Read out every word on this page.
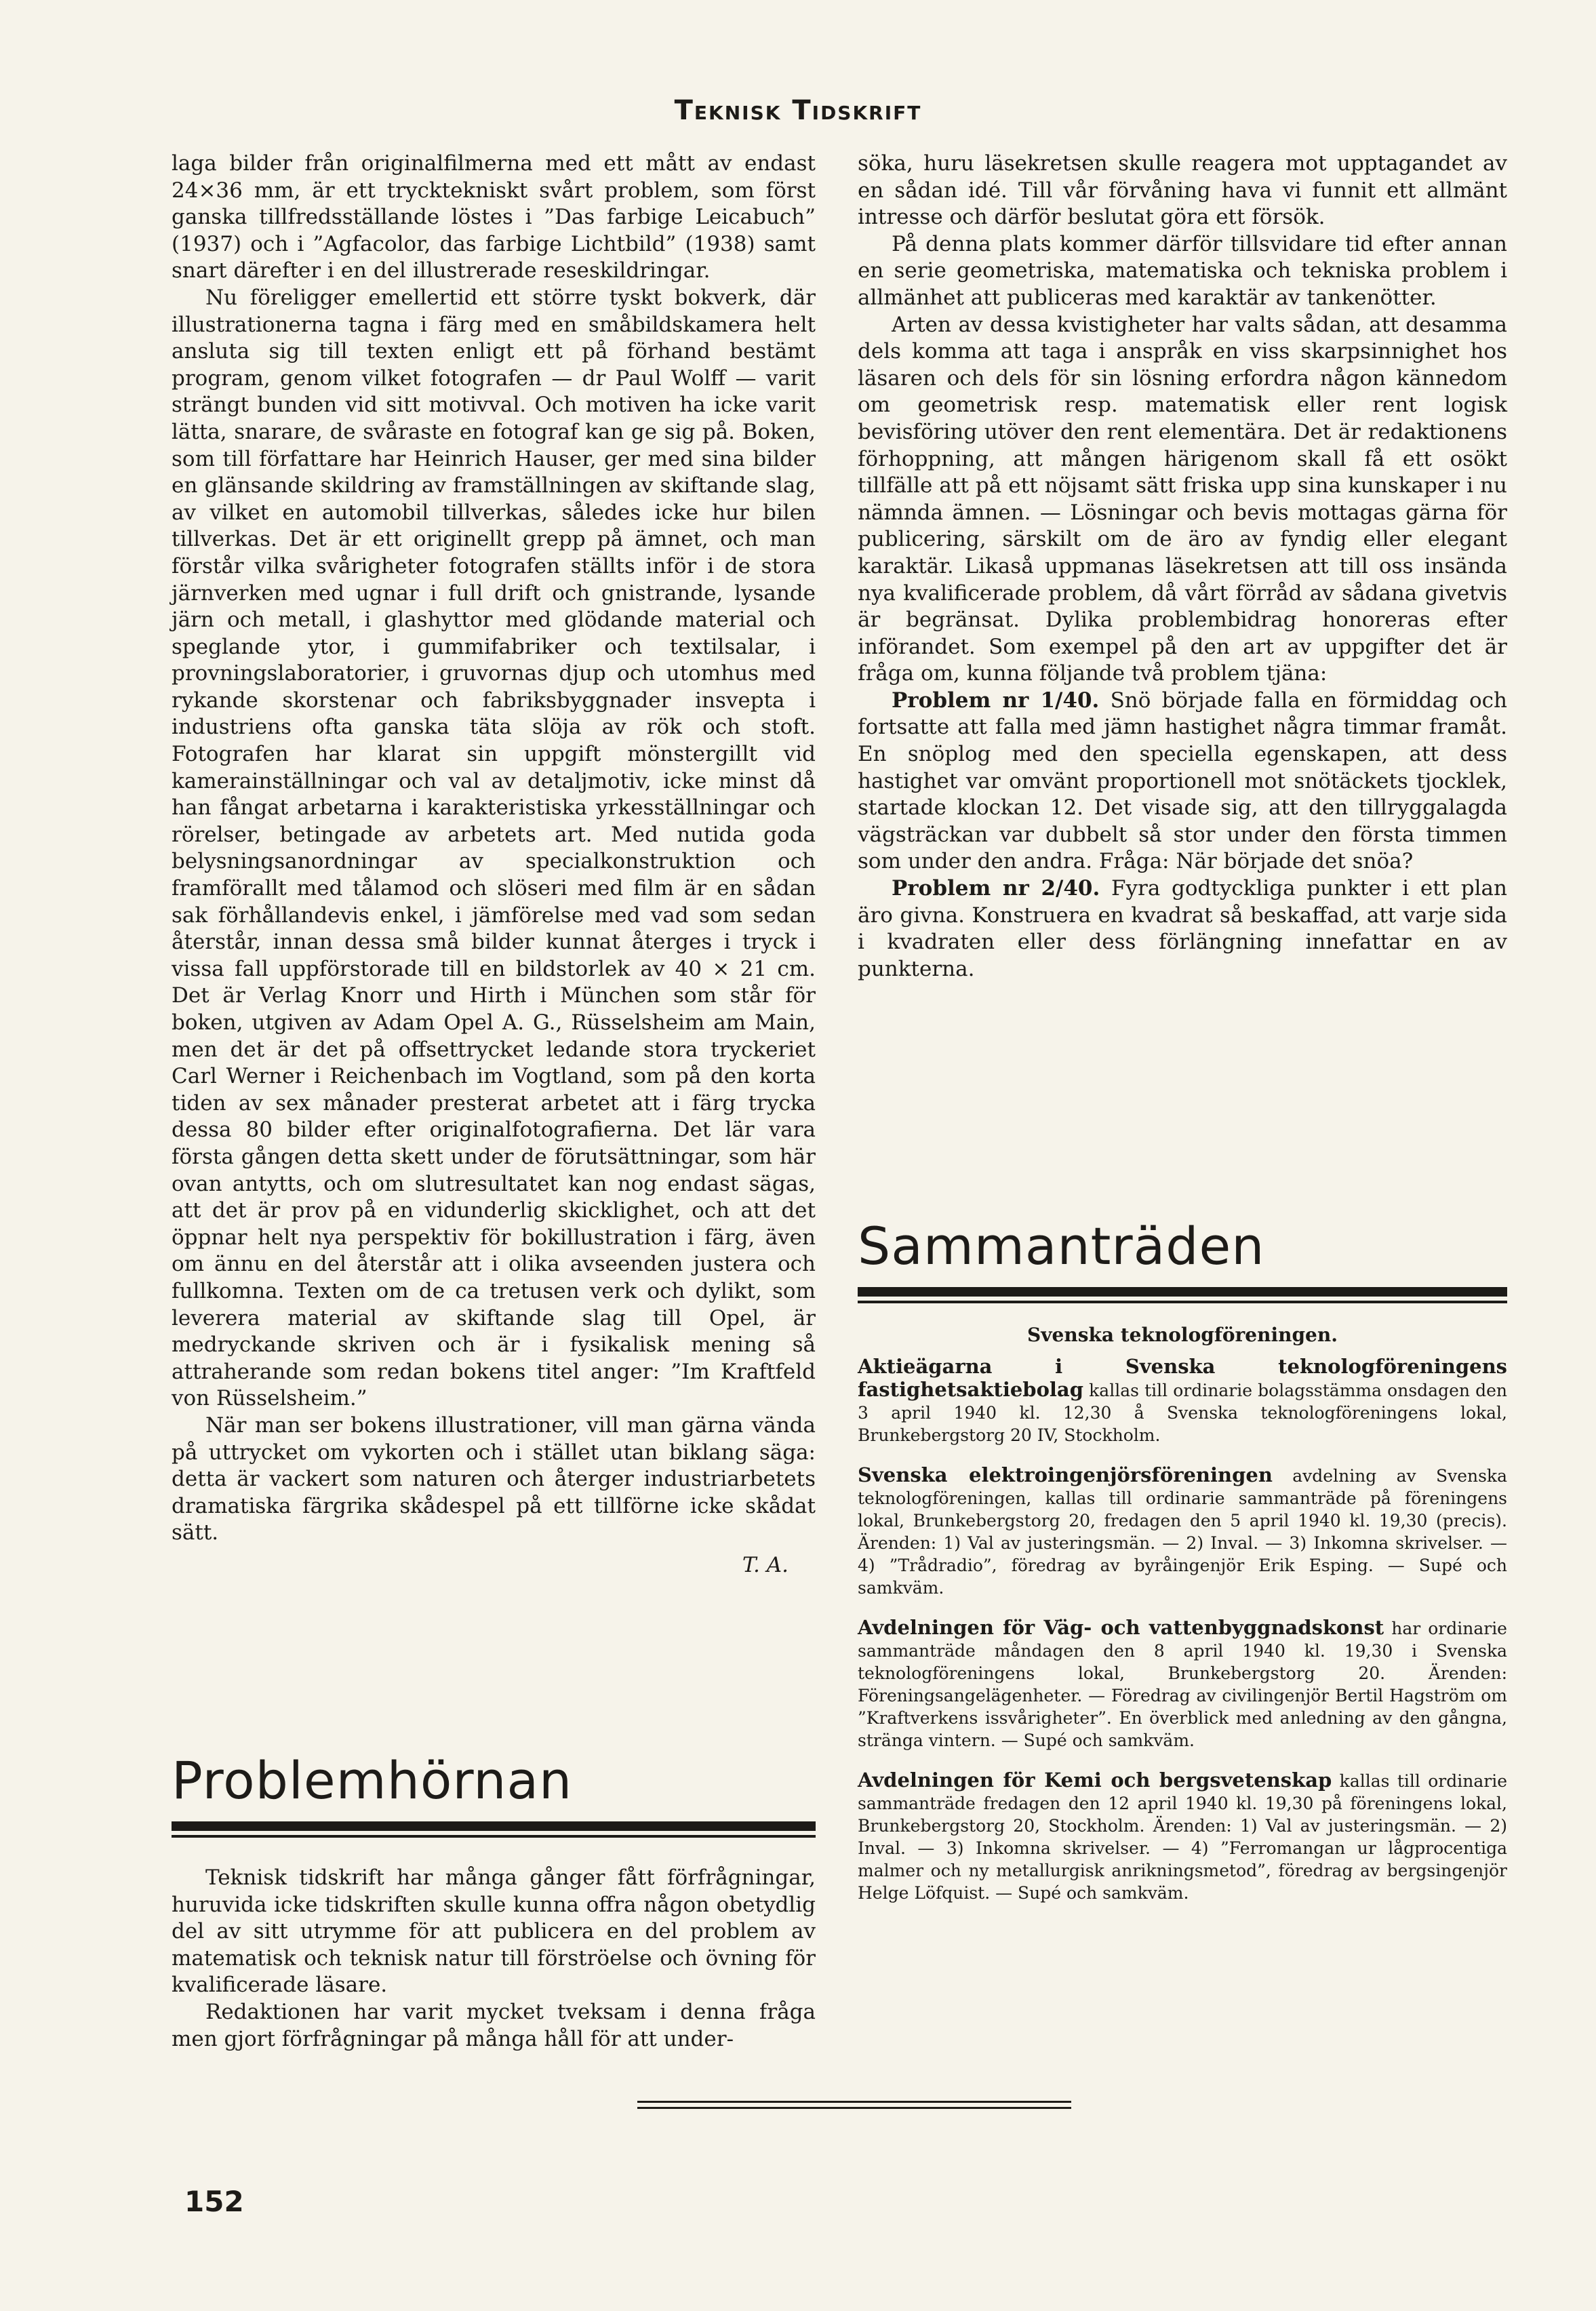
Teknisk Tidskrift

laga bilder från originalfilmerna med ett mått av endast 24×36 mm, är ett trycktekniskt svårt problem, som först ganska tillfredsställande löstes i ”Das farbige Leicabuch” (1937) och i ”Agfacolor, das farbige Lichtbild” (1938) samt snart därefter i en del illustrerade reseskildringar.

Nu föreligger emellertid ett större tyskt bokverk, där illustrationerna tagna i färg med en småbildskamera helt ansluta sig till texten enligt ett på förhand bestämt program, genom vilket fotografen — dr Paul Wolff — varit strängt bunden vid sitt motivval. Och motiven ha icke varit lätta, snarare, de svåraste en fotograf kan ge sig på. Boken, som till författare har Heinrich Hauser, ger med sina bilder en glänsande skildring av framställningen av skiftande slag, av vilket en automobil tillverkas, således icke hur bilen tillverkas. Det är ett originellt grepp på ämnet, och man förstår vilka svårigheter fotografen ställts inför i de stora järnverken med ugnar i full drift och gnistrande, lysande järn och metall, i glashyttor med glödande material och speglande ytor, i gummifabriker och textilsalar, i provningslaboratorier, i gruvornas djup och utomhus med rykande skorstenar och fabriksbyggnader insvepta i industriens ofta ganska täta slöja av rök och stoft. Fotografen har klarat sin uppgift mönstergillt vid kamerainställningar och val av detaljmotiv, icke minst då han fångat arbetarna i karakteristiska yrkesställningar och rörelser, betingade av arbetets art. Med nutida goda belysningsanordningar av specialkonstruktion och framförallt med tålamod och slöseri med film är en sådan sak förhållandevis enkel, i jämförelse med vad som sedan återstår, innan dessa små bilder kunnat återges i tryck i vissa fall uppförstorade till en bildstorlek av 40 × 21 cm. Det är Verlag Knorr und Hirth i München som står för boken, utgiven av Adam Opel A. G., Rüsselsheim am Main, men det är det på offsettrycket ledande stora tryckeriet Carl Werner i Reichenbach im Vogtland, som på den korta tiden av sex månader presterat arbetet att i färg trycka dessa 80 bilder efter originalfotografierna. Det lär vara första gången detta skett under de förutsättningar, som här ovan antytts, och om slutresultatet kan nog endast sägas, att det är prov på en vidunderlig skicklighet, och att det öppnar helt nya perspektiv för bokillustration i färg, även om ännu en del återstår att i olika avseenden justera och fullkomna. Texten om de ca tretusen verk och dylikt, som leverera material av skiftande slag till Opel, är medryckande skriven och är i fysikalisk mening så attraherande som redan bokens titel anger: ”Im Kraftfeld von Rüsselsheim.”

När man ser bokens illustrationer, vill man gärna vända på uttrycket om vykorten och i stället utan biklang säga: detta är vackert som naturen och återger industriarbetets dramatiska färgrika skådespel på ett tillförne icke skådat sätt.

T. A.
Problemhörnan

Teknisk tidskrift har många gånger fått förfrågningar, huruvida icke tidskriften skulle kunna offra någon obetydlig del av sitt utrymme för att publicera en del problem av matematisk och teknisk natur till förströelse och övning för kvalificerade läsare.

Redaktionen har varit mycket tveksam i denna fråga men gjort förfrågningar på många håll för att under-

söka, huru läsekretsen skulle reagera mot upptagandet av en sådan idé. Till vår förvåning hava vi funnit ett allmänt intresse och därför beslutat göra ett försök.

På denna plats kommer därför tillsvidare tid efter annan en serie geometriska, matematiska och tekniska problem i allmänhet att publiceras med karaktär av tankenötter.

Arten av dessa kvistigheter har valts sådan, att desamma dels komma att taga i anspråk en viss skarpsinnighet hos läsaren och dels för sin lösning erfordra någon kännedom om geometrisk resp. matematisk eller rent logisk bevisföring utöver den rent elementära. Det är redaktionens förhoppning, att mången härigenom skall få ett osökt tillfälle att på ett nöjsamt sätt friska upp sina kunskaper i nu nämnda ämnen. — Lösningar och bevis mottagas gärna för publicering, särskilt om de äro av fyndig eller elegant karaktär. Likaså uppmanas läsekretsen att till oss insända nya kvalificerade problem, då vårt förråd av sådana givetvis är begränsat. Dylika problembidrag honoreras efter införandet. Som exempel på den art av uppgifter det är fråga om, kunna följande två problem tjäna:

Problem nr 1/40. Snö började falla en förmiddag och fortsatte att falla med jämn hastighet några timmar framåt. En snöplog med den speciella egenskapen, att dess hastighet var omvänt proportionell mot snötäckets tjocklek, startade klockan 12. Det visade sig, att den tillryggalagda vägsträckan var dubbelt så stor under den första timmen som under den andra. Fråga: När började det snöa?

Problem nr 2/40. Fyra godtyckliga punkter i ett plan äro givna. Konstruera en kvadrat så beskaffad, att varje sida i kvadraten eller dess förlängning innefattar en av punkterna.

Sammanträden
Svenska teknologföreningen.
Aktieägarna i Svenska teknologföreningens fastighetsaktiebolag kallas till ordinarie bolagsstämma onsdagen den 3 april 1940 kl. 12,30 å Svenska teknologföreningens lokal, Brunkebergstorg 20 IV, Stockholm.
Svenska elektroingenjörsföreningen avdelning av Svenska teknologföreningen, kallas till ordinarie sammanträde på föreningens lokal, Brunkebergstorg 20, fredagen den 5 april 1940 kl. 19,30 (precis). Ärenden: 1) Val av justeringsmän. — 2) Inval. — 3) Inkomna skrivelser. — 4) ”Trådradio”, föredrag av byråingenjör Erik Esping. — Supé och samkväm.
Avdelningen för Väg- och vattenbyggnadskonst har ordinarie sammanträde måndagen den 8 april 1940 kl. 19,30 i Svenska teknologföreningens lokal, Brunkebergstorg 20. Ärenden: Föreningsangelägenheter. — Föredrag av civilingenjör Bertil Hagström om ”Kraftverkens issvårigheter”. En överblick med anledning av den gångna, stränga vintern. — Supé och samkväm.
Avdelningen för Kemi och bergsvetenskap kallas till ordinarie sammanträde fredagen den 12 april 1940 kl. 19,30 på föreningens lokal, Brunkebergstorg 20, Stockholm. Ärenden: 1) Val av justeringsmän. — 2) Inval. — 3) Inkomna skrivelser. — 4) ”Ferromangan ur lågprocentiga malmer och ny metallurgisk anrikningsmetod”, föredrag av bergsingenjör Helge Löfquist. — Supé och samkväm.
152
